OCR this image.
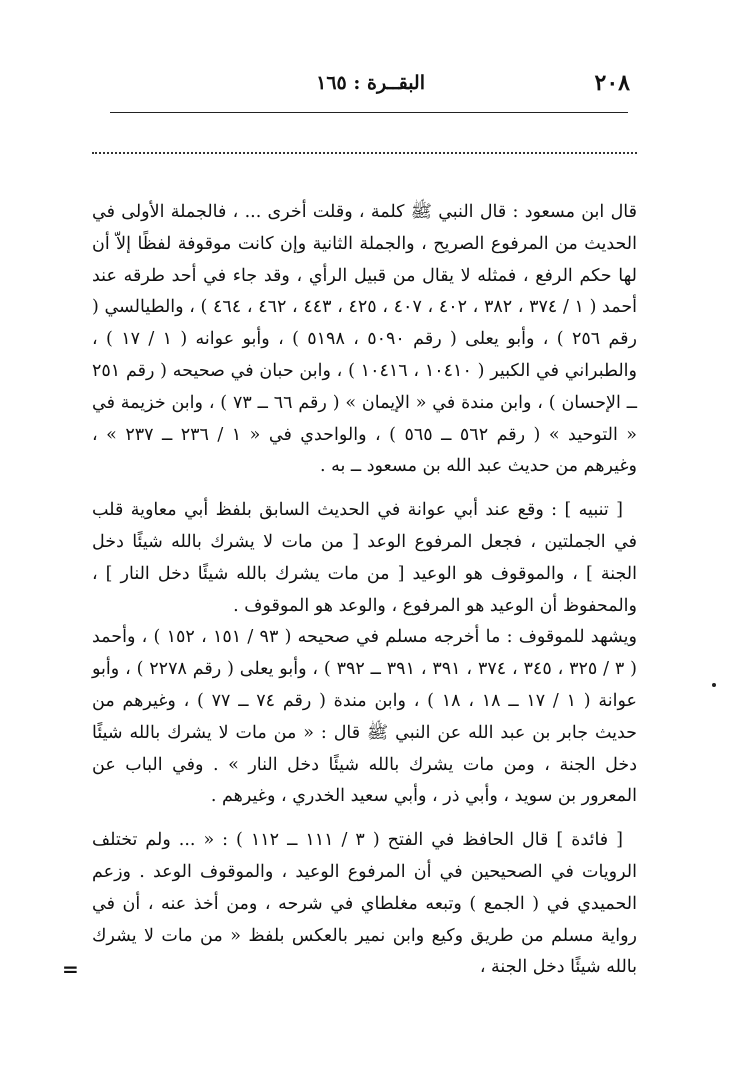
٢٠٨
البقــرة : ١٦٥

قال ابن مسعود : قال النبي ﷺ كلمة ، وقلت أخرى ... ، فالجملة الأولى في الحديث من المرفوع الصريح ، والجملة الثانية وإن كانت موقوفة لفظًا إلاّ أن لها حكم الرفع ، فمثله لا يقال من قبيل الرأي ، وقد جاء في أحد طرقه عند أحمد ( ١ / ٣٧٤ ، ٣٨٢ ، ٤٠٢ ، ٤٠٧ ، ٤٢٥ ، ٤٤٣ ، ٤٦٢ ، ٤٦٤ ) ، والطيالسي ( رقم ٢٥٦ ) ، وأبو يعلى ( رقم ٥٠٩٠ ، ٥١٩٨ ) ، وأبو عوانه ( ١ / ١٧ ) ، والطبراني في الكبير ( ١٠٤١٠ ، ١٠٤١٦ ) ، وابن حبان في صحيحه ( رقم ٢٥١ ــ الإحسان ) ، وابن مندة في « الإيمان » ( رقم ٦٦ ــ ٧٣ ) ، وابن خزيمة في « التوحيد » ( رقم ٥٦٢ ــ ٥٦٥ ) ، والواحدي في « ١ / ٢٣٦ ــ ٢٣٧ » ، وغيرهم من حديث عبد الله بن مسعود ــ به .

[ تنبيه ] : وقع عند أبي عوانة في الحديث السابق بلفظ أبي معاوية قلب في الجملتين ، فجعل المرفوع الوعد [ من مات لا يشرك بالله شيئًا دخل الجنة ] ، والموقوف هو الوعيد [ من مات يشرك بالله شيئًا دخل النار ] ، والمحفوظ أن الوعيد هو المرفوع ، والوعد هو الموقوف .

ويشهد للموقوف : ما أخرجه مسلم في صحيحه ( ٩٣ / ١٥١ ، ١٥٢ ) ، وأحمد ( ٣ / ٣٢٥ ، ٣٤٥ ، ٣٧٤ ، ٣٩١ ، ٣٩١ ــ ٣٩٢ ) ، وأبو يعلى ( رقم ٢٢٧٨ ) ، وأبو عوانة ( ١ / ١٧ ــ ١٨ ، ١٨ ) ، وابن مندة ( رقم ٧٤ ــ ٧٧ ) ، وغيرهم من حديث جابر بن عبد الله عن النبي ﷺ قال : « من مات لا يشرك بالله شيئًا دخل الجنة ، ومن مات يشرك بالله شيئًا دخل النار » . وفي الباب عن المعرور بن سويد ، وأبي ذر ، وأبي سعيد الخدري ، وغيرهم .

[ فائدة ] قال الحافظ في الفتح ( ٣ / ١١١ ــ ١١٢ ) : « ... ولم تختلف الرويات في الصحيحين في أن المرفوع الوعيد ، والموقوف الوعد . وزعم الحميدي في ( الجمع ) وتبعه مغلطاي في شرحه ، ومن أخذ عنه ، أن في رواية مسلم من طريق وكيع وابن نمير بالعكس بلفظ « من مات لا يشرك بالله شيئًا دخل الجنة ،

=
